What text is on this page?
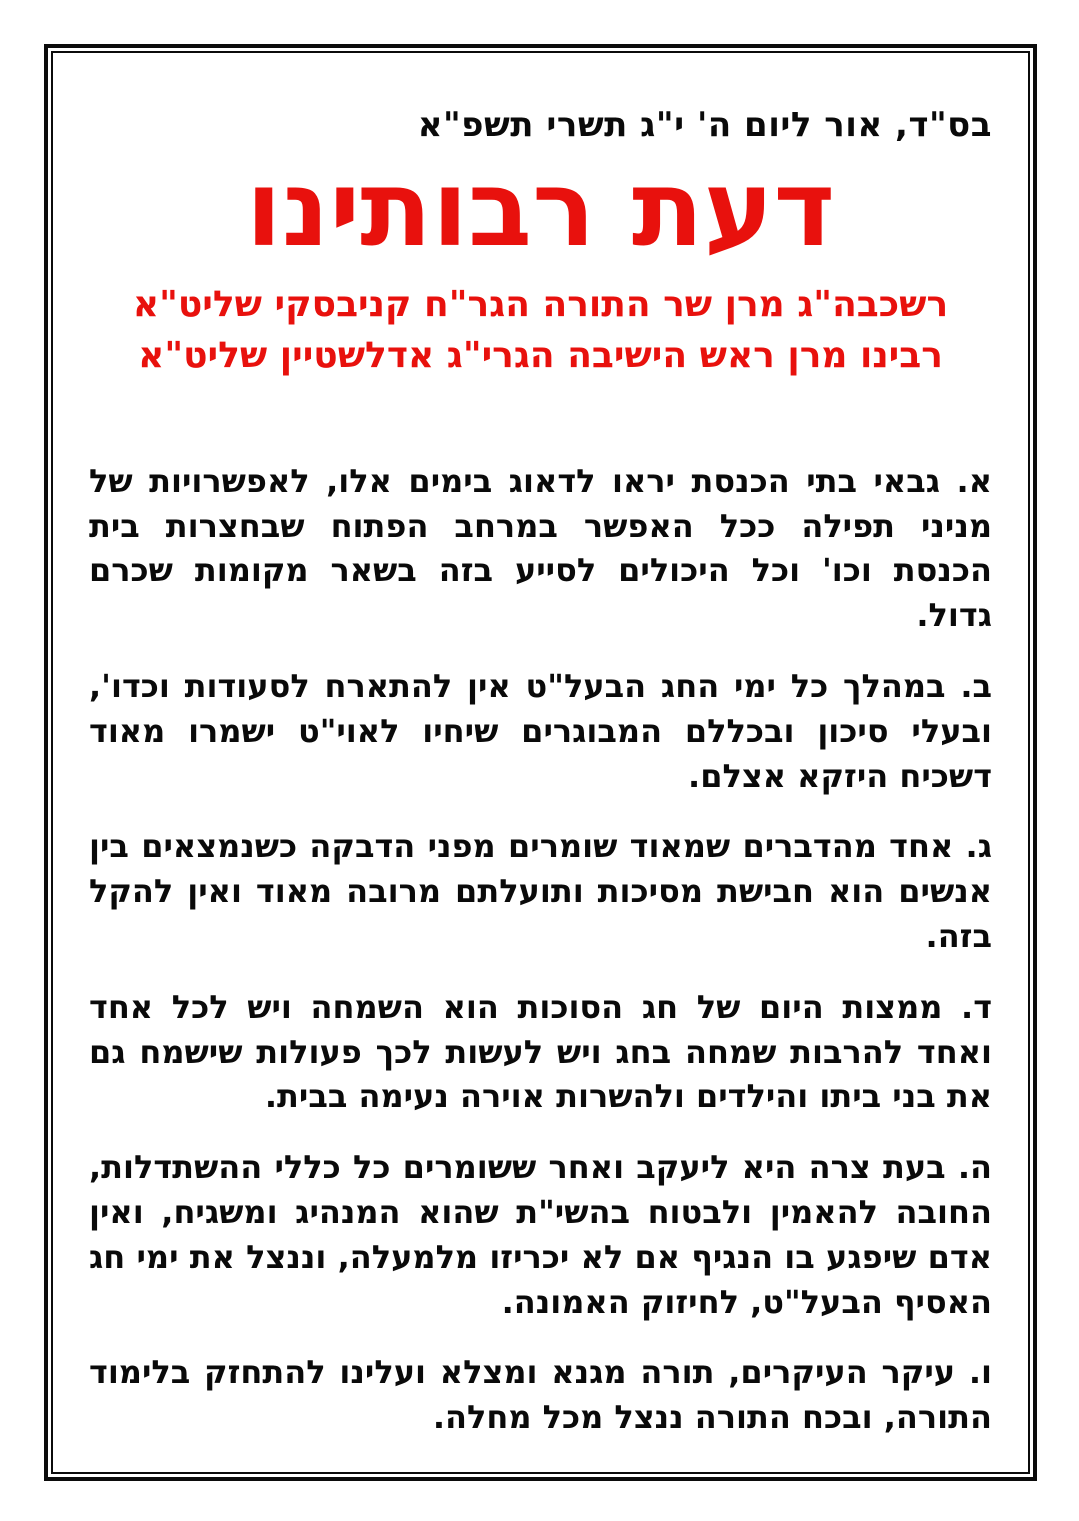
בס"ד, אור ליום ה' י"ג תשרי תשפ"א
דעת רבותינו
רשכבה"ג מרן שר התורה הגר"ח קניבסקי שליט"א
רבינו מרן ראש הישיבה הגרי"ג אדלשטיין שליט"א

א. גבאי בתי הכנסת יראו לדאוג בימים אלו, לאפשרויות של מניני תפילה ככל האפשר במרחב הפתוח שבחצרות בית הכנסת וכו' וכל היכולים לסייע בזה בשאר מקומות שכרם גדול.

ב. במהלך כל ימי החג הבעל"ט אין להתארח לסעודות וכדו', ובעלי סיכון ובכללם המבוגרים שיחיו לאוי"ט ישמרו מאוד דשכיח היזקא אצלם.

ג. אחד מהדברים שמאוד שומרים מפני הדבקה כשנמצאים בין אנשים הוא חבישת מסיכות ותועלתם מרובה מאוד ואין להקל בזה.

ד. ממצות היום של חג הסוכות הוא השמחה ויש לכל אחד ואחד להרבות שמחה בחג ויש לעשות לכך פעולות שישמח גם את בני ביתו והילדים ולהשרות אוירה נעימה בבית.

ה. בעת צרה היא ליעקב ואחר ששומרים כל כללי ההשתדלות, החובה להאמין ולבטוח בהשי"ת שהוא המנהיג ומשגיח, ואין אדם שיפגע בו הנגיף אם לא יכריזו מלמעלה, וננצל את ימי חג האסיף הבעל"ט, לחיזוק האמונה.

ו. עיקר העיקרים, תורה מגנא ומצלא ועלינו להתחזק בלימוד התורה, ובכח התורה ננצל מכל מחלה.
